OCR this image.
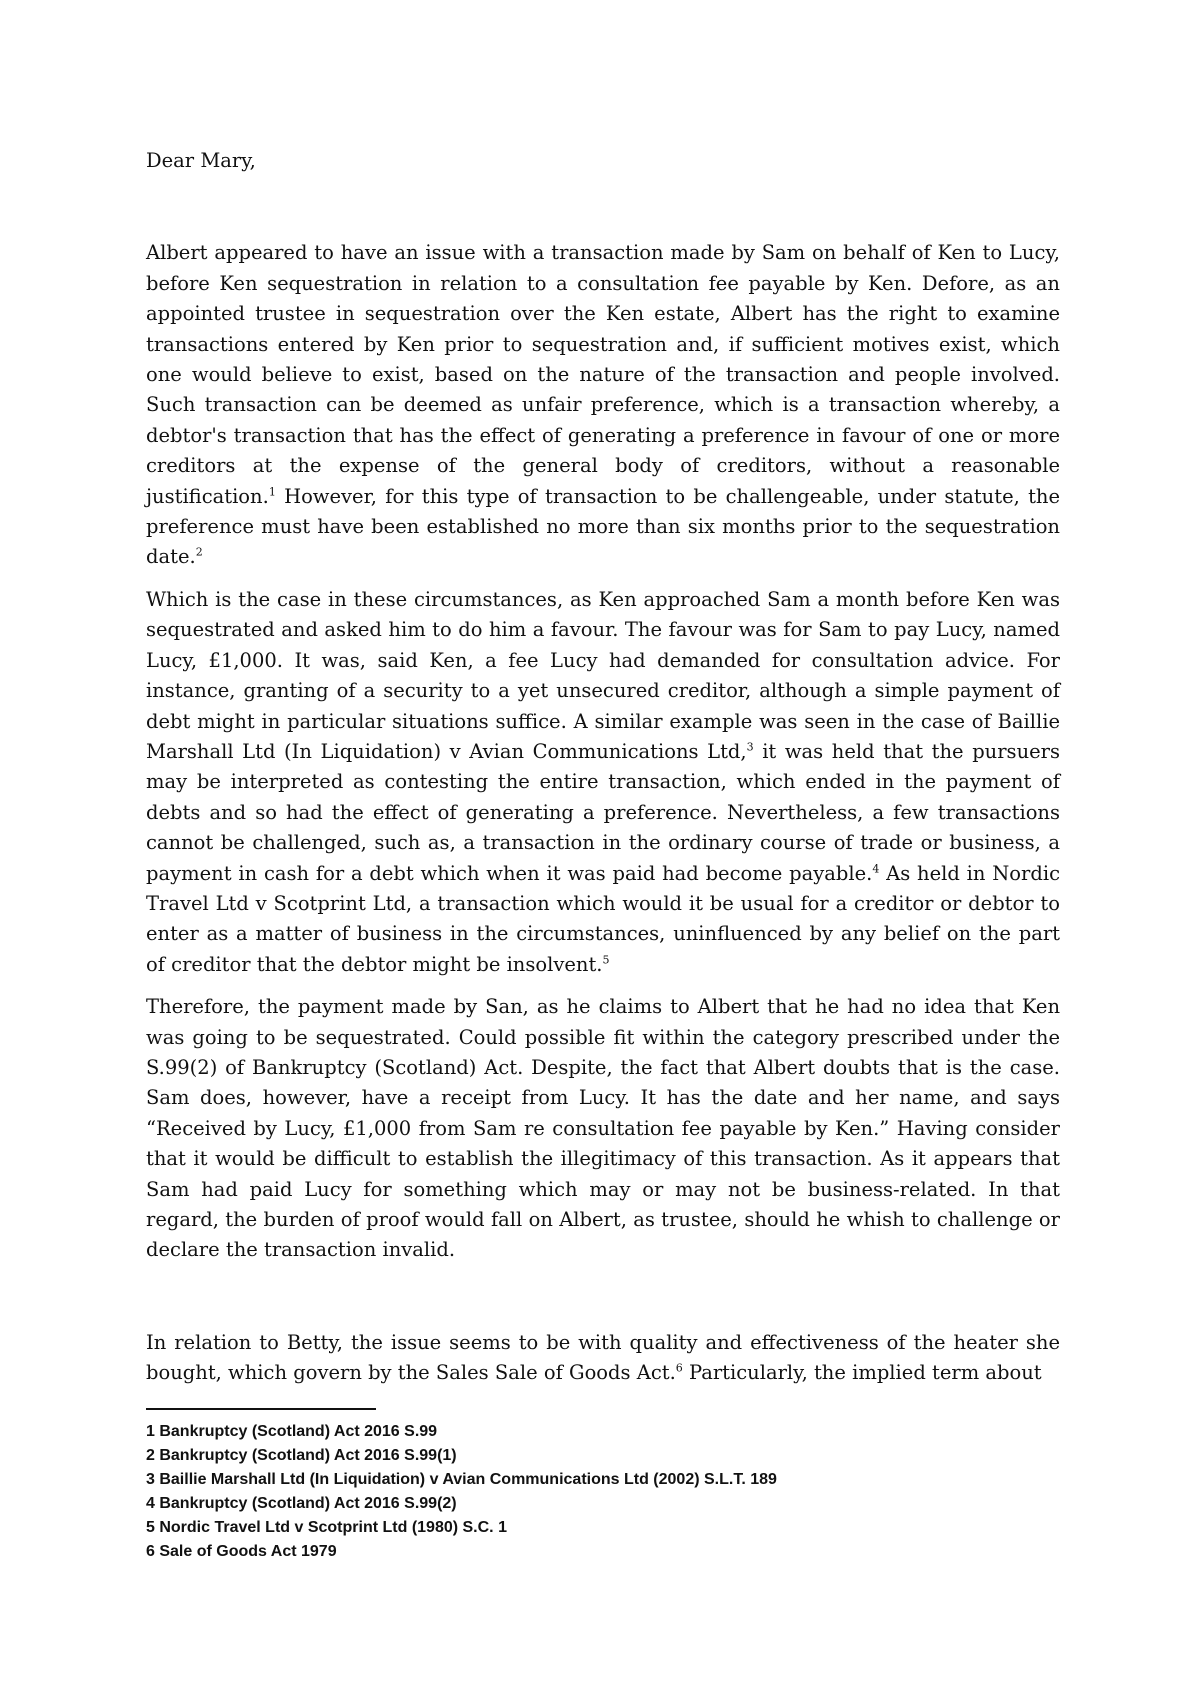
Dear Mary,

Albert appeared to have an issue with a transaction made by Sam on behalf of Ken to Lucy, before Ken sequestration in relation to a consultation fee payable by Ken. Defore, as an appointed trustee in sequestration over the Ken estate, Albert has the right to examine transactions entered by Ken prior to sequestration and, if sufficient motives exist, which one would believe to exist, based on the nature of the transaction and people involved. Such transaction can be deemed as unfair preference, which is a transaction whereby, a debtor's transaction that has the effect of generating a preference in favour of one or more creditors at the expense of the general body of creditors, without a reasonable justification.$^1$ However, for this type of transaction to be challengeable, under statute, the preference must have been established no more than six months prior to the sequestration date.$^2$

Which is the case in these circumstances, as Ken approached Sam a month before Ken was sequestrated and asked him to do him a favour. The favour was for Sam to pay Lucy, named Lucy, £1,000. It was, said Ken, a fee Lucy had demanded for consultation advice. For instance, granting of a security to a yet unsecured creditor, although a simple payment of debt might in particular situations suffice. A similar example was seen in the case of Baillie Marshall Ltd (In Liquidation) v Avian Communications Ltd,$^3$ it was held that the pursuers may be interpreted as contesting the entire transaction, which ended in the payment of debts and so had the effect of generating a preference. Nevertheless, a few transactions cannot be challenged, such as, a transaction in the ordinary course of trade or business, a payment in cash for a debt which when it was paid had become payable.$^4$ As held in Nordic Travel Ltd v Scotprint Ltd, a transaction which would it be usual for a creditor or debtor to enter as a matter of business in the circumstances, uninfluenced by any belief on the part of creditor that the debtor might be insolvent.$^5$

Therefore, the payment made by San, as he claims to Albert that he had no idea that Ken was going to be sequestrated. Could possible fit within the category prescribed under the S.99(2) of Bankruptcy (Scotland) Act. Despite, the fact that Albert doubts that is the case. Sam does, however, have a receipt from Lucy. It has the date and her name, and says “Received by Lucy, £1,000 from Sam re consultation fee payable by Ken.” Having consider that it would be difficult to establish the illegitimacy of this transaction. As it appears that Sam had paid Lucy for something which may or may not be business-related. In that regard, the burden of proof would fall on Albert, as trustee, should he whish to challenge or declare the transaction invalid.

In relation to Betty, the issue seems to be with quality and effectiveness of the heater she bought, which govern by the Sales Sale of Goods Act.$^6$ Particularly, the implied term about

1 Bankruptcy (Scotland) Act 2016 S.99
2 Bankruptcy (Scotland) Act 2016 S.99(1)
3 Baillie Marshall Ltd (In Liquidation) v Avian Communications Ltd (2002) S.L.T. 189
4 Bankruptcy (Scotland) Act 2016 S.99(2)
5 Nordic Travel Ltd v Scotprint Ltd (1980) S.C. 1
6 Sale of Goods Act 1979
